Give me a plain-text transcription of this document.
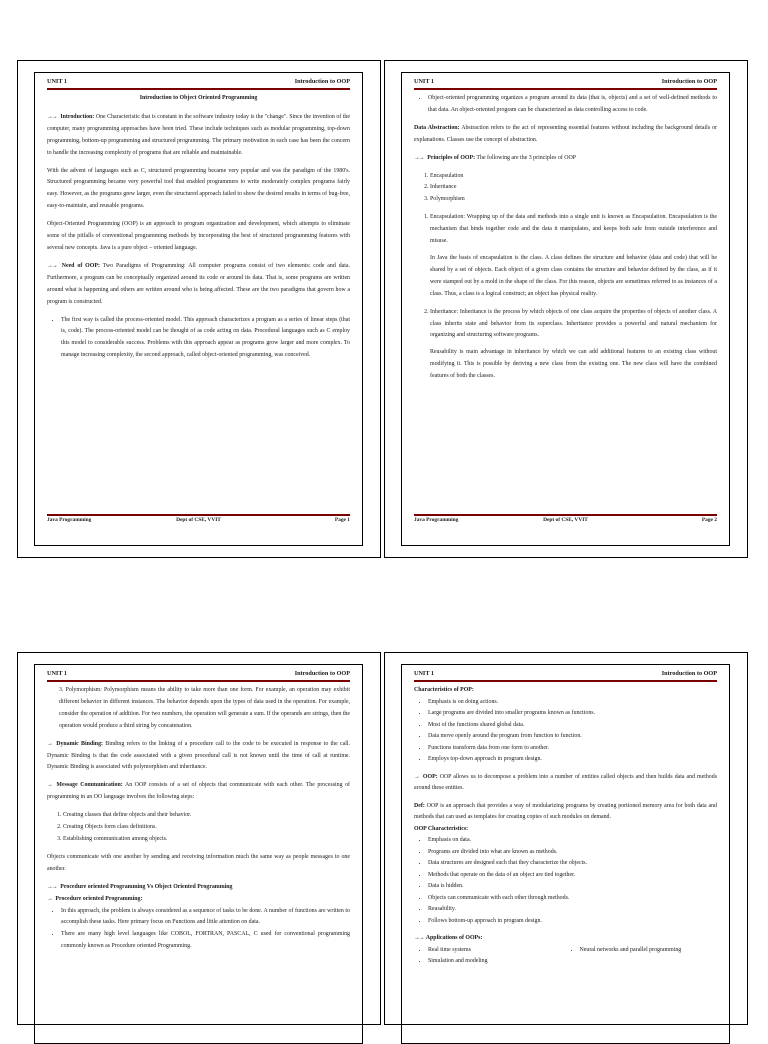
UNIT 1	Introduction to OOP
Introduction to Object Oriented Programming

→→ Introduction: One Characteristic that is constant in the software industry today is the "change". Since the invention of the computer, many programming approaches have been tried. These include techniques such as modular programming, top-down programming, bottom-up programming and structured programming. The primary motivation in each case has been the concern to handle the increasing complexity of programs that are reliable and maintainable.

With the advent of languages such as C, structured programming became very popular and was the paradigm of the 1980's. Structured programming became very powerful tool that enabled programmers to write moderately complex programs fairly easy. However, as the programs grew larger, even the structured approach failed to show the desired results in terms of bug-free, easy-to-maintain, and reusable programs.

Object-Oriented Programming (OOP) is an approach to program organization and development, which attempts to eliminate some of the pitfalls of conventional programming methods by incorporating the best of structured programming features with several new concepts. Java is a pure object – oriented language.

→→ Need of OOP: Two Paradigms of Programming: All computer programs consist of two elements: code and data. Furthermore, a program can be conceptually organized around its code or around its data. That is, some programs are written around what is happening and others are written around who is being affected. These are the two paradigms that govern how a program is constructed.

• The first way is called the process-oriented model. This approach characterizes a program as a series of linear steps (that is, code). The process-oriented model can be thought of as code acting on data. Procedural languages such as C employ this model to considerable success. Problems with this approach appear as programs grow larger and more complex. To manage increasing complexity, the second approach, called object-oriented programming, was conceived.
Java Programming	Dept of CSE, VVIT	Page 1
UNIT 1	Introduction to OOP
• Object-oriented programming organizes a program around its data (that is, objects) and a set of well-defined methods to that data. An object-oriented program can be characterized as data controlling access to code.

Data Abstraction: Abstraction refers to the act of representing essential features without including the background details or explanations. Classes use the concept of abstraction.

→→ Principles of OOP: The following are the 3 principles of OOP

1. Encapsulation
2. Inheritance
3. Polymorphism
1. Encapsulation: Wrapping up of the data and methods into a single unit is known as Encapsulation. Encapsulation is the mechanism that binds together code and the data it manipulates, and keeps both safe from outside interference and misuse.
In Java the basis of encapsulation is the class. A class defines the structure and behavior (data and code) that will be shared by a set of objects. Each object of a given class contains the structure and behavior defined by the class, as if it were stamped out by a mold in the shape of the class. For this reason, objects are sometimes referred to as instances of a class. Thus, a class is a logical construct; an object has physical reality.
2. Inheritance: Inheritance is the process by which objects of one class acquire the properties of objects of another class. A class inherits state and behavior from its superclass. Inheritance provides a powerful and natural mechanism for organizing and structuring software programs.
Reusability is main advantage in inheritance by which we can add additional features to an existing class without modifying it. This is possible by deriving a new class from the existing one. The new class will have the combined features of both the classes.
Java Programming	Dept of CSE, VVIT	Page 2
UNIT 1	Introduction to OOP

3. Polymorphism: Polymorphism means the ability to take more than one form. For example, an operation may exhibit different behavior in different instances. The behavior depends upon the types of data used in the operation. For example, consider the operation of addition. For two numbers, the operation will generate a sum. If the operands are strings, then the operation would produce a third string by concatenation.

→ Dynamic Binding: Binding refers to the linking of a procedure call to the code to be executed in response to the call. Dynamic Binding is that the code associated with a given procedural call is not known until the time of call at runtime. Dynamic Binding is associated with polymorphism and inheritance.

→ Message Communication: An OOP consists of a set of objects that communicate with each other. The processing of programming in an OO language involves the following steps:

1. Creating classes that define objects and their behavior.
2. Creating Objects form class definitions.
3. Establishing communication among objects.

Objects communicate with one another by sending and receiving information much the same way as people messages to one another.

→→ Procedure oriented Programming Vs Object Oriented Programming
→ Procedure oriented Programming:
• In this approach, the problem is always considered as a sequence of tasks to be done. A number of functions are written to accomplish these tasks. Here primary focus on Functions and little attention on data.
• There are many high level languages like COBOL, FORTRAN, PASCAL, C used for conventional programming commonly known as Procedure oriented Programming.
UNIT 1	Introduction to OOP
Characteristics of POP:
• Emphasis is on doing actions.
• Large programs are divided into smaller programs known as functions.
• Most of the functions shared global data.
• Data move openly around the program from function to function.
• Functions transform data from one form to another.
• Employs top-down approach in program design.

→ OOP: OOP allows us to decompose a problem into a number of entities called objects and then builds data and methods around these entities.

Def: OOP is an approach that provides a way of modularizing programs by creating portioned memory area for both data and methods that can used as templates for creating copies of such modules on demand.

OOP Characteristics:
• Emphasis on data.
• Programs are divided into what are known as methods.
• Data structures are designed such that they characterize the objects.
• Methods that operate on the data of an object are tied together.
• Data is hidden.
• Objects can communicate with each other through methods.
• Reusability.
• Follows bottom-up approach in program design.
→→ Applications of OOPs:
• Real time systems
• Simulation and modeling
• Neural networks and parallel programming
